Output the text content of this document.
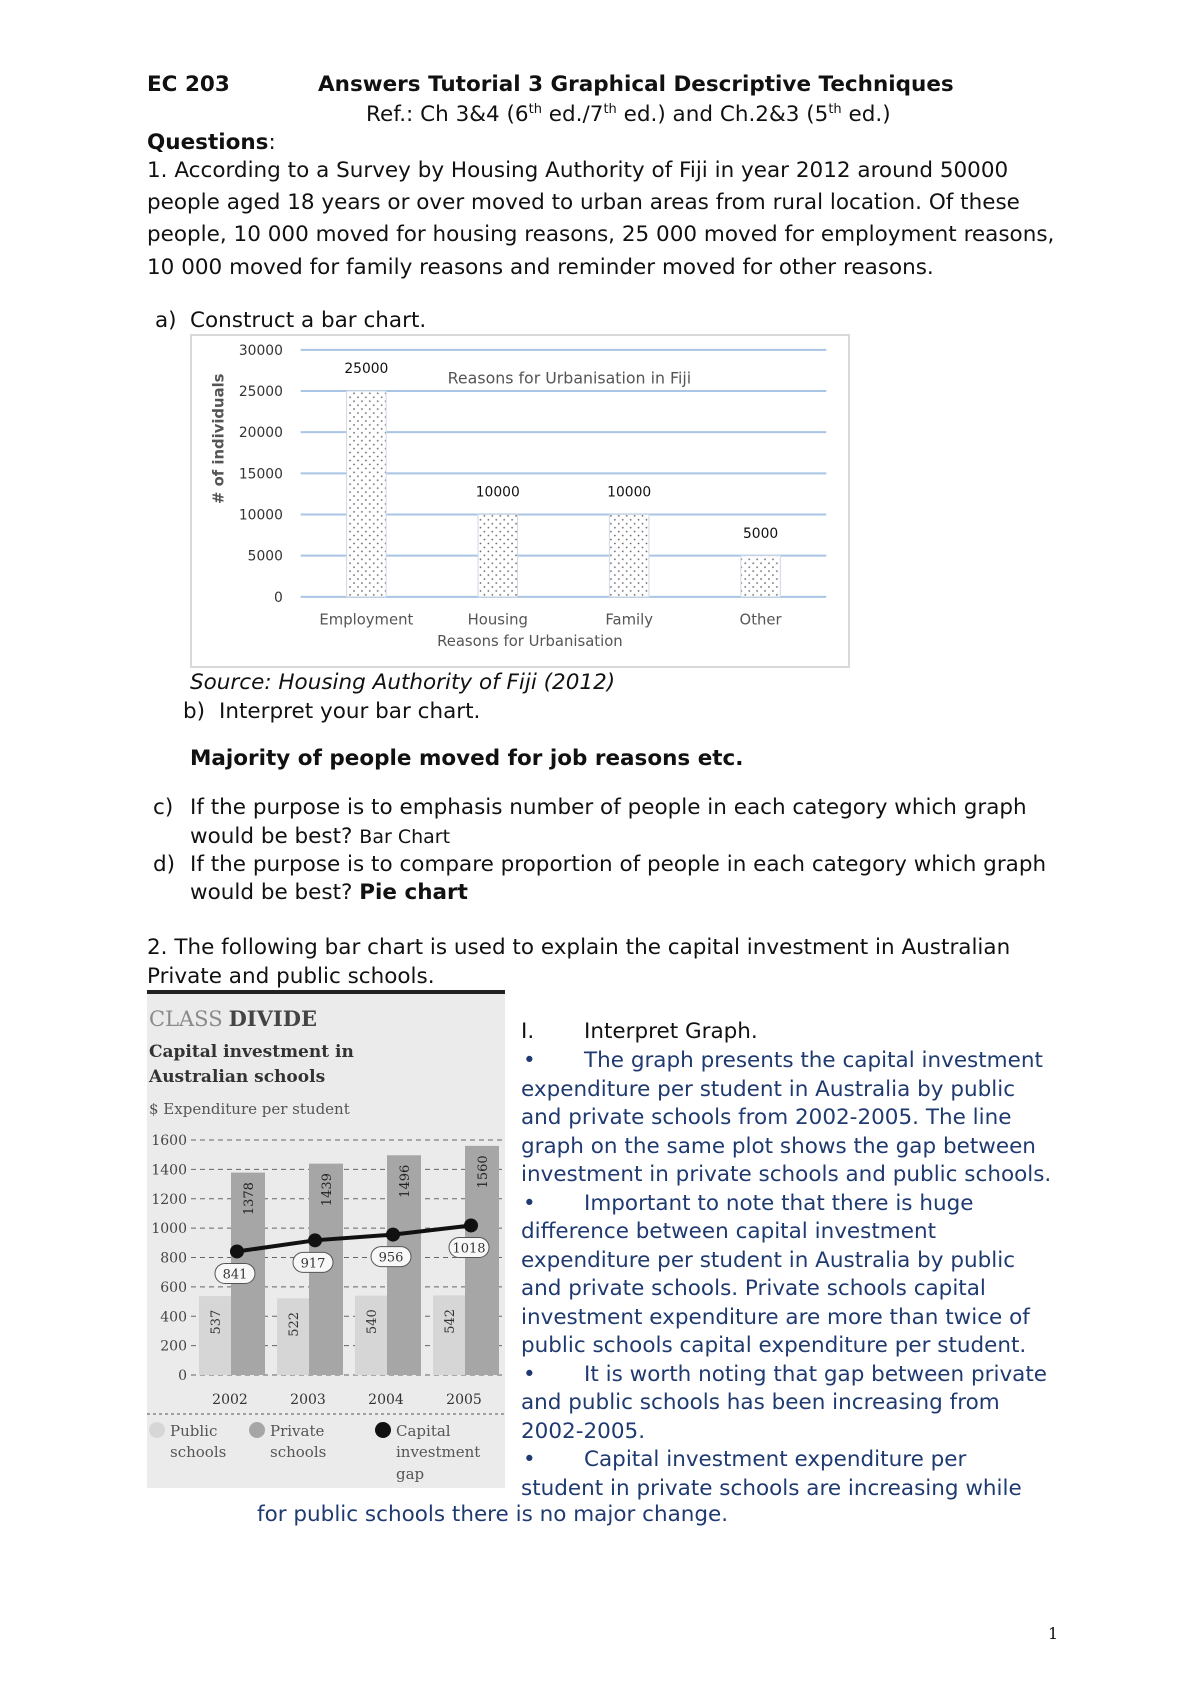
EC 203	Answers Tutorial 3 Graphical Descriptive Techniques

Ref.: Ch 3&4 (6th ed./7th ed.) and Ch.2&3 (5th ed.)

Questions:

1. According to a Survey by Housing Authority of Fiji in year 2012 around 50000

people aged 18 years or over moved to urban areas from rural location. Of these

people, 10 000 moved for housing reasons, 25 000 moved for employment reasons,

10 000 moved for family reasons and reminder moved for other reasons.

a) Construct a bar chart.

0
5000
10000
15000
20000
25000
30000
25000
Employment
10000
Housing
10000
Family
5000
Other
Reasons for Urbanisation in Fiji
Reasons for Urbanisation
# of individuals

Source: Housing Authority of Fiji (2012)

b) Interpret your bar chart.

Majority of people moved for job reasons etc.

c) If the purpose is to emphasis number of people in each category which graph

would be best? Bar Chart

d) If the purpose is to compare proportion of people in each category which graph

would be best? Pie chart

2. The following bar chart is used to explain the capital investment in Australian

Private and public schools.

CLASS DIVIDE
Capital investment in
Australian schools
$ Expenditure per student
0
200
400
600
800
1000
1200
1400
1600
537
1378
2002
522
1439
2003
540
1496
2004
542
1560
2005
841
917	956
1018
Public
schools
Private
schools
Capital
investment
gap

I. Interpret Graph.

• The graph presents the capital investment

expenditure per student in Australia by public

and private schools from 2002-2005. The line

graph on the same plot shows the gap between

investment in private schools and public schools.

• Important to note that there is huge

difference between capital investment

expenditure per student in Australia by public

and private schools. Private schools capital

investment expenditure are more than twice of

public schools capital expenditure per student.

• It is worth noting that gap between private

and public schools has been increasing from

2002-2005.

• Capital investment expenditure per

student in private schools are increasing while

for public schools there is no major change.

1
